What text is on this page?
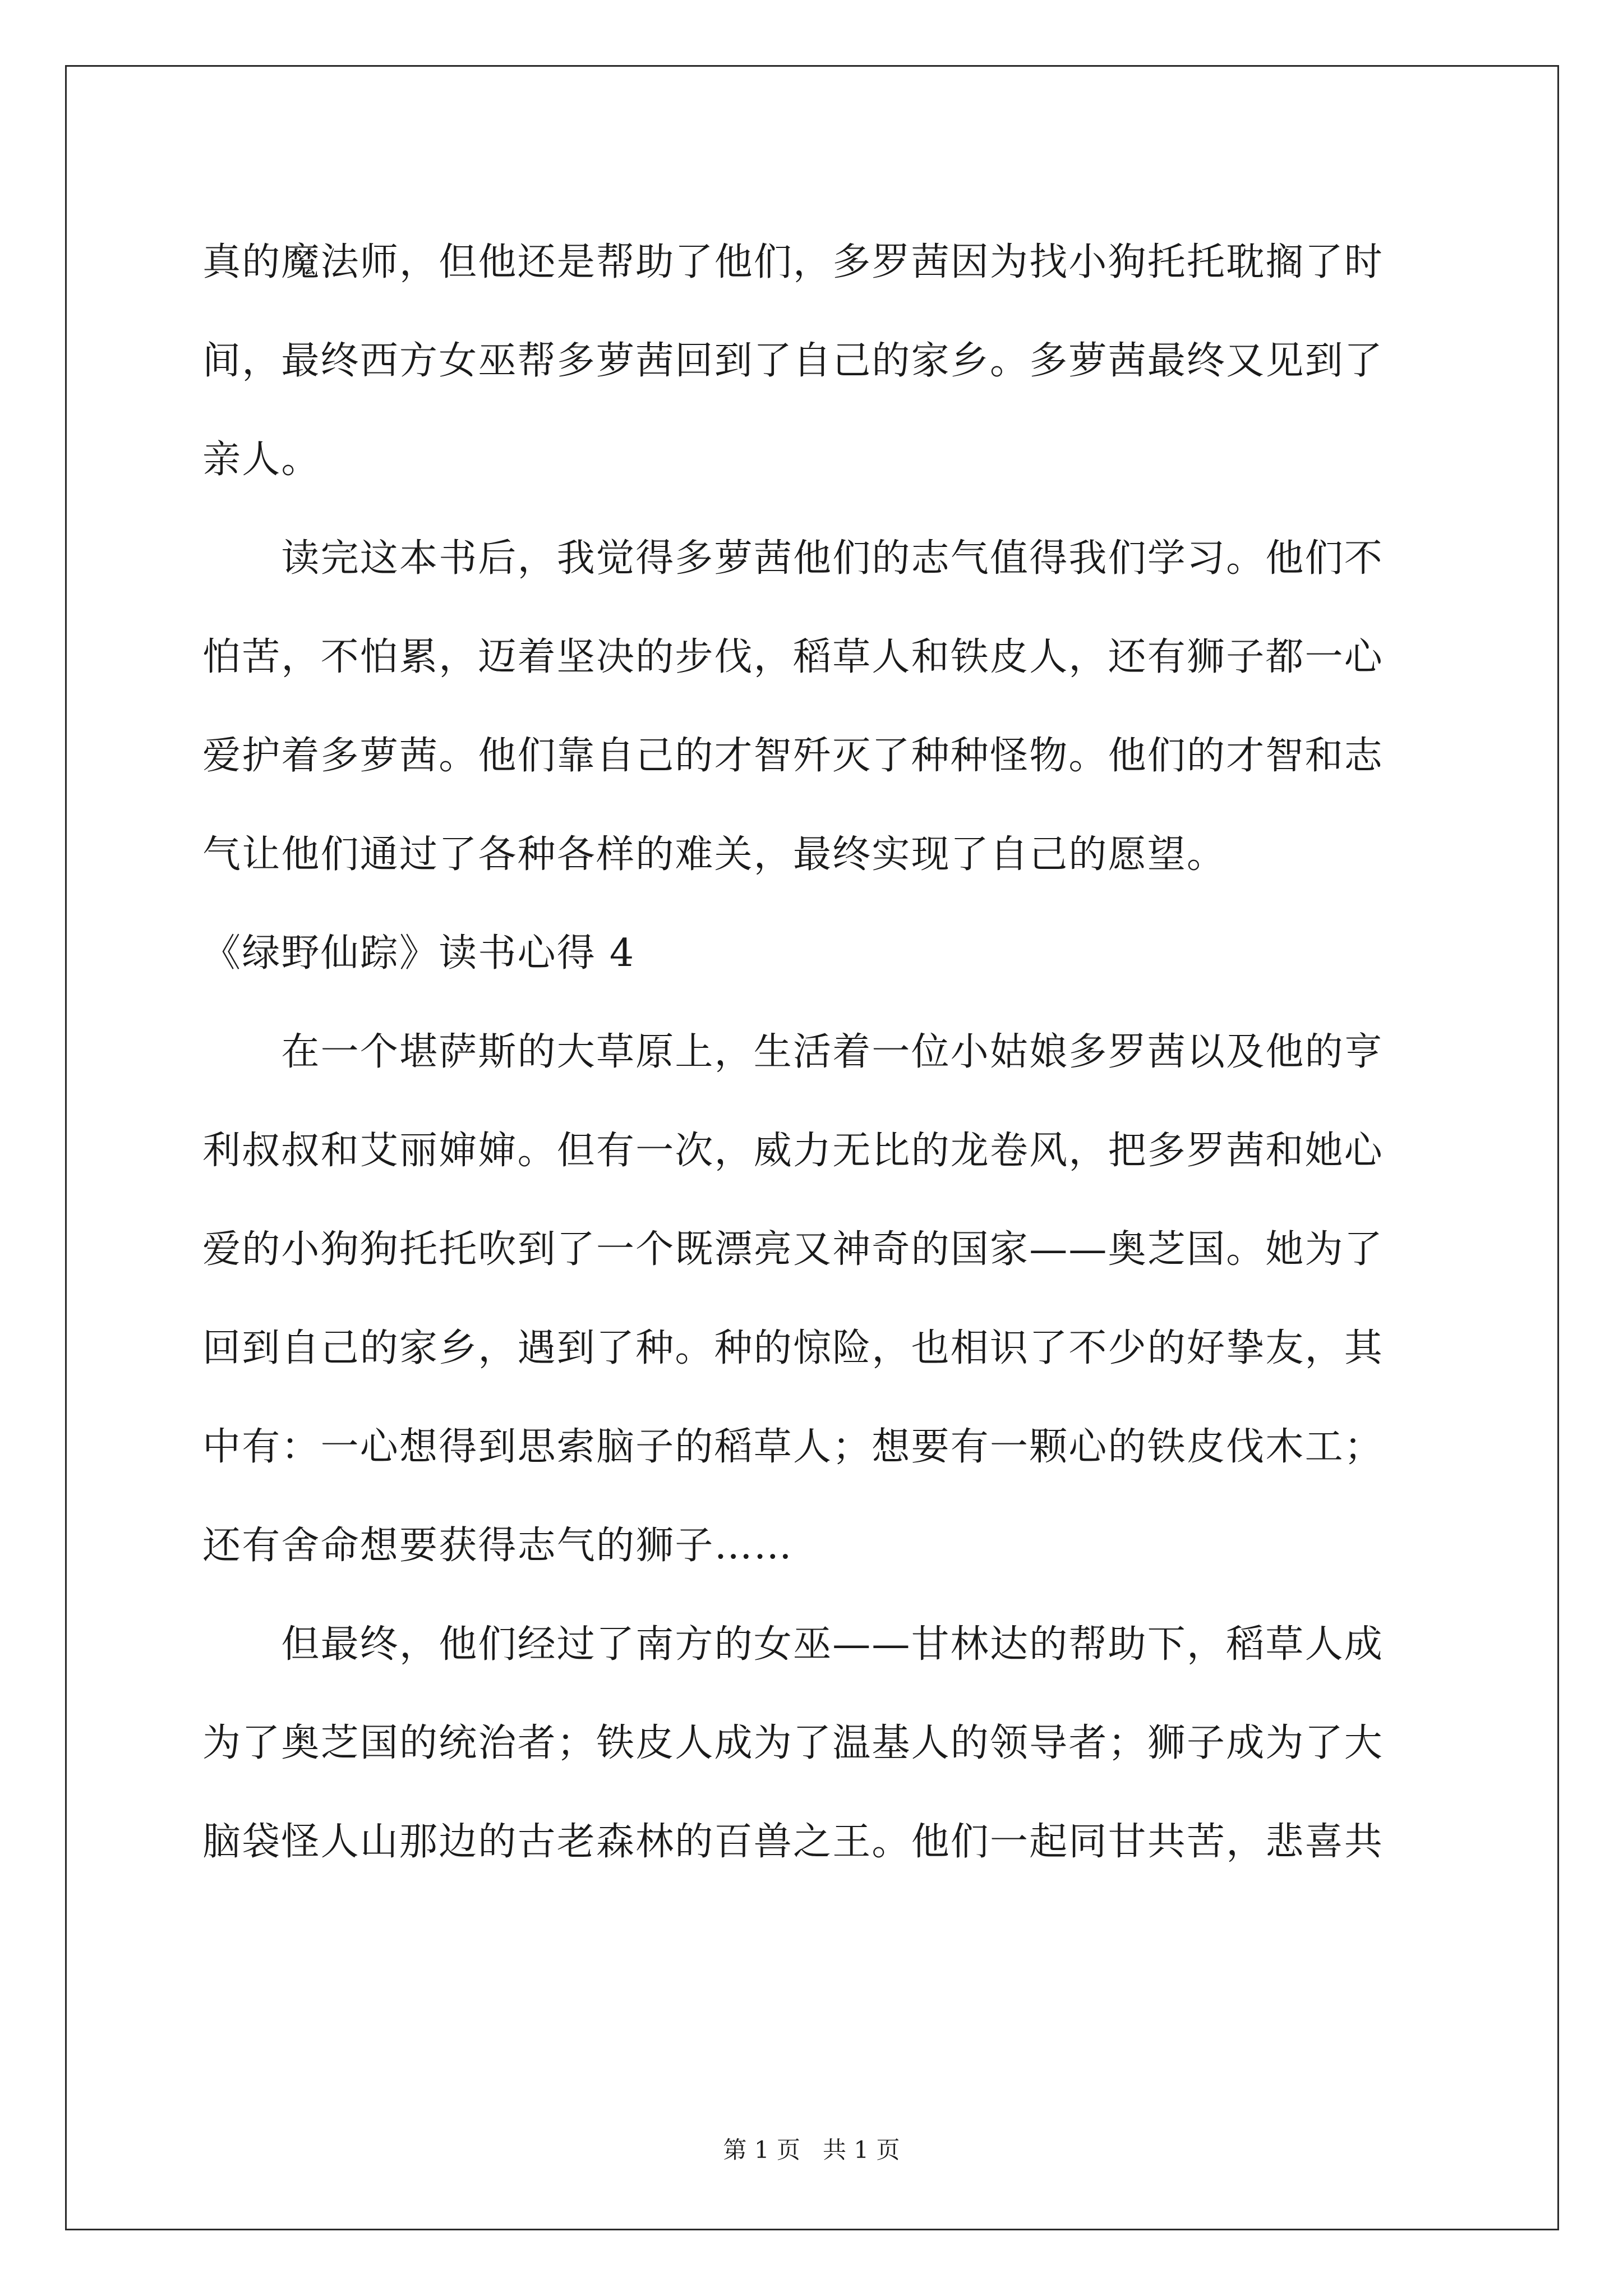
真的魔法师，但他还是帮助了他们，多罗茜因为找小狗托托耽搁了时
间，最终西方女巫帮多萝茜回到了自己的家乡。多萝茜最终又见到了
亲人。
　　读完这本书后，我觉得多萝茜他们的志气值得我们学习。他们不
怕苦，不怕累，迈着坚决的步伐，稻草人和铁皮人，还有狮子都一心
爱护着多萝茜。他们靠自己的才智歼灭了种种怪物。他们的才智和志
气让他们通过了各种各样的难关，最终实现了自己的愿望。
《绿野仙踪》读书心得 4
　　在一个堪萨斯的大草原上，生活着一位小姑娘多罗茜以及他的亨
利叔叔和艾丽婶婶。但有一次，威力无比的龙卷风，把多罗茜和她心
爱的小狗狗托托吹到了一个既漂亮又神奇的国家——奥芝国。她为了
回到自己的家乡，遇到了种。种的惊险，也相识了不少的好挚友，其
中有：一心想得到思索脑子的稻草人；想要有一颗心的铁皮伐木工；
还有舍命想要获得志气的狮子……
　　但最终，他们经过了南方的女巫——甘林达的帮助下，稻草人成
为了奥芝国的统治者；铁皮人成为了温基人的领导者；狮子成为了大
脑袋怪人山那边的古老森林的百兽之王。他们一起同甘共苦，悲喜共
第 1 页   共 1 页
